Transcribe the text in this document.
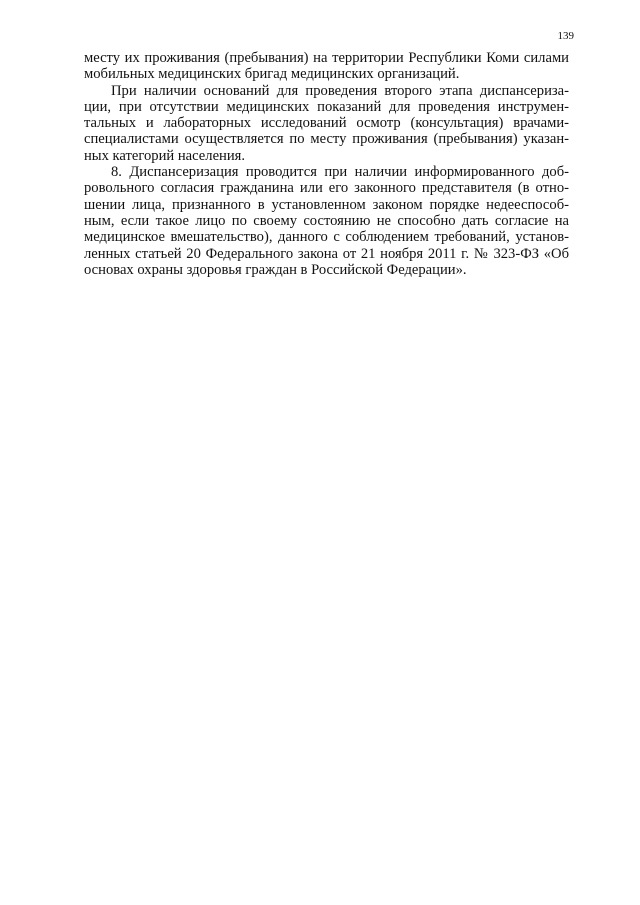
139

месту их проживания (пребывания) на территории Республики Коми силами
мобильных медицинских бригад медицинских организаций.

При наличии оснований для проведения второго этапа диспансериза-
ции, при отсутствии медицинских показаний для проведения инструмен-
тальных и лабораторных исследований осмотр (консультация) врачами-
специалистами осуществляется по месту проживания (пребывания) указан-
ных категорий населения.

8. Диспансеризация проводится при наличии информированного доб-
ровольного согласия гражданина или его законного представителя (в отно-
шении лица, признанного в установленном законом порядке недееспособ-
ным, если такое лицо по своему состоянию не способно дать согласие на
медицинское вмешательство), данного с соблюдением требований, установ-
ленных статьей 20 Федерального закона от 21 ноября 2011 г. № 323-ФЗ «Об
основах охраны здоровья граждан в Российской Федерации».
